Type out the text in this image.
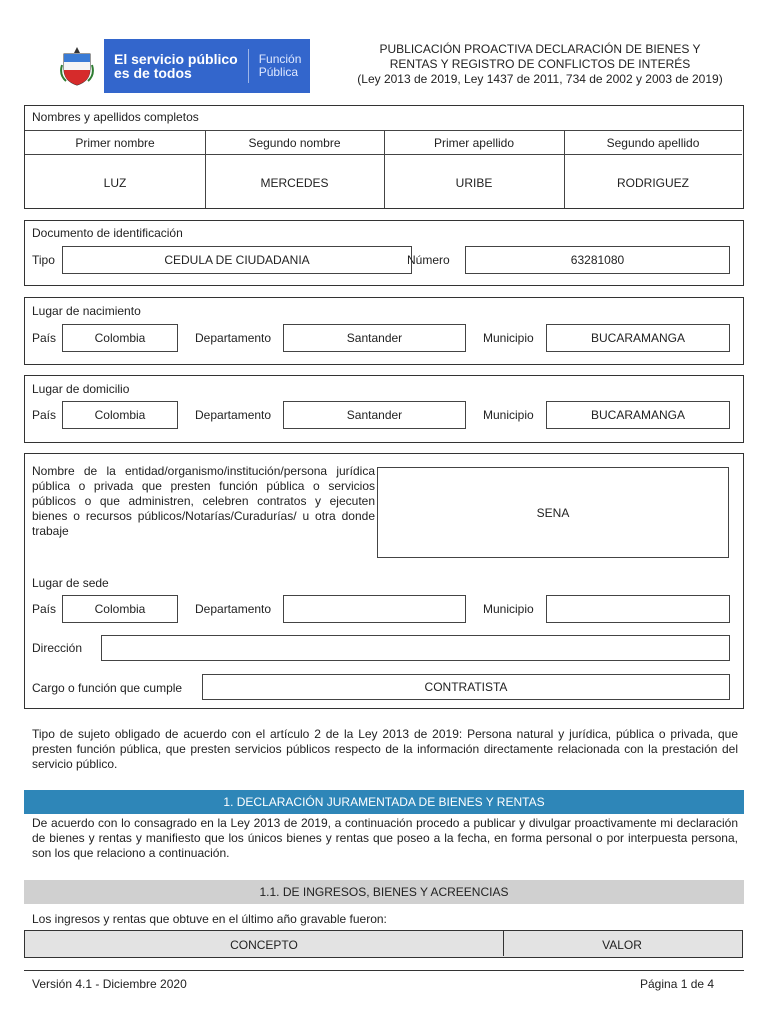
El servicio público
es de todos
Función
Pública
PUBLICACIÓN PROACTIVA DECLARACIÓN DE BIENES Y
RENTAS Y REGISTRO DE CONFLICTOS DE INTERÉS
(Ley 2013 de 2019, Ley 1437 de 2011, 734 de 2002 y 2003 de 2019)
Nombres y apellidos completos
Primer nombre	Segundo nombre	Primer apellido	Segundo apellido
LUZ	MERCEDES	URIBE	RODRIGUEZ
Documento de identificación
Tipo	CEDULA DE CIUDADANIA	Número	63281080
Lugar de nacimiento
País	Colombia	Departamento	Santander	Municipio	BUCARAMANGA
Lugar de domicilio
País	Colombia	Departamento	Santander	Municipio	BUCARAMANGA
Nombre de la entidad/organismo/institución/persona jurídica pública o privada que presten función pública o servicios públicos o que administren, celebren contratos y ejecuten bienes o recursos públicos/Notarías/Curadurías/ u otra donde trabaje
SENA
Lugar de sede
País	Colombia	Departamento	Municipio
Dirección
Cargo o función que cumple	CONTRATISTA
Tipo de sujeto obligado de acuerdo con el artículo 2 de la Ley 2013 de 2019: Persona natural y jurídica, pública o privada, que presten función pública, que presten servicios públicos respecto de la información directamente relacionada con la prestación del servicio público.
1. DECLARACIÓN JURAMENTADA DE BIENES Y RENTAS
De acuerdo con lo consagrado en la Ley 2013 de 2019, a continuación procedo a publicar y divulgar proactivamente mi declaración de bienes y rentas y manifiesto que los únicos bienes y rentas que poseo a la fecha, en forma personal o por interpuesta persona, son los que relaciono a continuación.
1.1. DE INGRESOS, BIENES Y ACREENCIAS
Los ingresos y rentas que obtuve en el último año gravable fueron:
CONCEPTO	VALOR
Versión 4.1 - Diciembre 2020	Página 1 de 4
